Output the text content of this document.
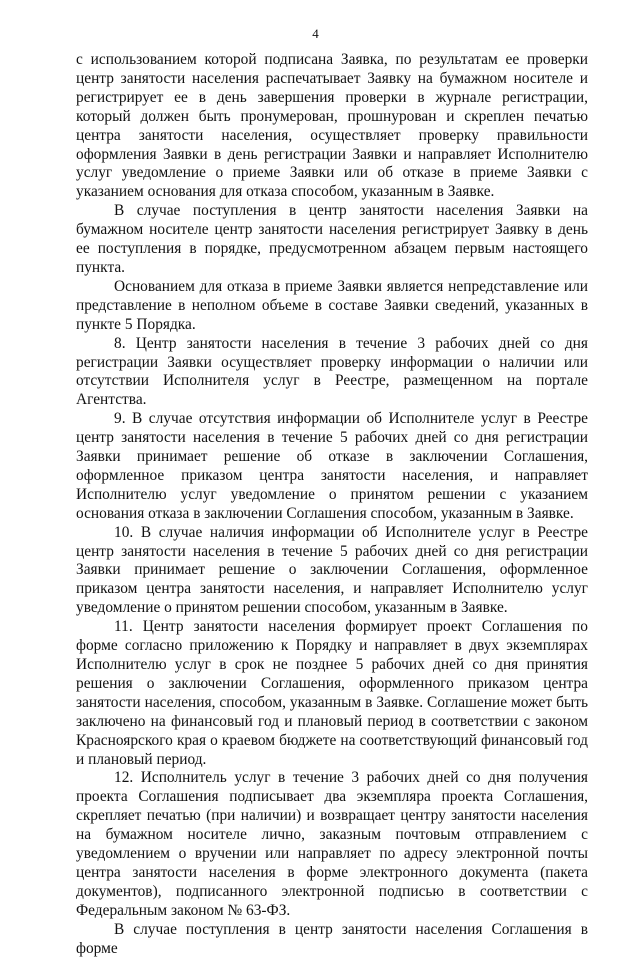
4

с использованием которой подписана Заявка, по результатам ее проверки центр занятости населения распечатывает Заявку на бумажном носителе и регистрирует ее в день завершения проверки в журнале регистрации, который должен быть пронумерован, прошнурован и скреплен печатью центра занятости населения, осуществляет проверку правильности оформления Заявки в день регистрации Заявки и направляет Исполнителю услуг уведомление о приеме Заявки или об отказе в приеме Заявки с указанием основания для отказа способом, указанным в Заявке.

В случае поступления в центр занятости населения Заявки на бумажном носителе центр занятости населения регистрирует Заявку в день ее поступления в порядке, предусмотренном абзацем первым настоящего пункта.

Основанием для отказа в приеме Заявки является непредставление или представление в неполном объеме в составе Заявки сведений, указанных в пункте 5 Порядка.

8. Центр занятости населения в течение 3 рабочих дней со дня регистрации Заявки осуществляет проверку информации о наличии или отсутствии Исполнителя услуг в Реестре, размещенном на портале Агентства.

9. В случае отсутствия информации об Исполнителе услуг в Реестре центр занятости населения в течение 5 рабочих дней со дня регистрации Заявки принимает решение об отказе в заключении Соглашения, оформленное приказом центра занятости населения, и направляет Исполнителю услуг уведомление о принятом решении с указанием основания отказа в заключении Соглашения способом, указанным в Заявке.

10. В случае наличия информации об Исполнителе услуг в Реестре центр занятости населения в течение 5 рабочих дней со дня регистрации Заявки принимает решение о заключении Соглашения, оформленное приказом центра занятости населения, и направляет Исполнителю услуг уведомление о принятом решении способом, указанным в Заявке.

11. Центр занятости населения формирует проект Соглашения по форме согласно приложению к Порядку и направляет в двух экземплярах Исполнителю услуг в срок не позднее 5 рабочих дней со дня принятия решения о заключении Соглашения, оформленного приказом центра занятости населения, способом, указанным в Заявке. Соглашение может быть заключено на финансовый год и плановый период в соответствии с законом Красноярского края о краевом бюджете на соответствующий финансовый год и плановый период.

12. Исполнитель услуг в течение 3 рабочих дней со дня получения проекта Соглашения подписывает два экземпляра проекта Соглашения, скрепляет печатью (при наличии) и возвращает центру занятости населения на бумажном носителе лично, заказным почтовым отправлением с уведомлением о вручении или направляет по адресу электронной почты центра занятости населения в форме электронного документа (пакета документов), подписанного электронной подписью в соответствии с Федеральным законом № 63-ФЗ.

В случае поступления в центр занятости населения Соглашения в форме
